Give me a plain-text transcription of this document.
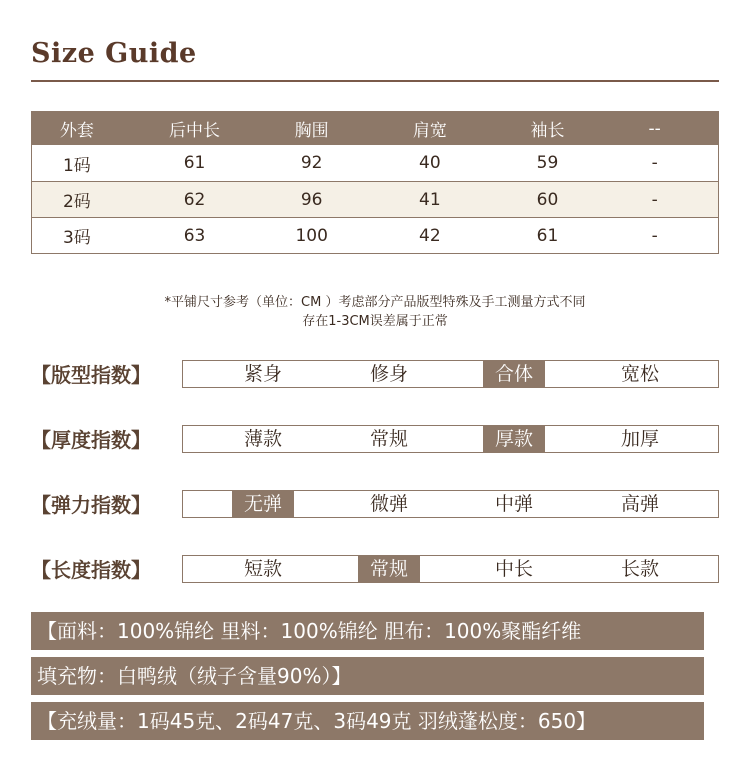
Size Guide
外套	后中长	胸围	肩宽	袖长	--
1码	61	92	40	59	-
2码	62	96	41	60	-
3码	63	100	42	61	-
*平铺尺寸参考（单位：CM ）考虑部分产品版型特殊及手工测量方式不同
存在1-3CM误差属于正常
【版型指数】	紧身	修身	合体	宽松
【厚度指数】	薄款	常规	厚款	加厚
【弹力指数】	无弹	微弹	中弹	高弹
【长度指数】	短款	常规	中长	长款
【面料：100%锦纶 里料：100%锦纶 胆布：100%聚酯纤维
填充物：白鸭绒（绒子含量90%）】
【充绒量：1码45克、2码47克、3码49克 羽绒蓬松度：650】
